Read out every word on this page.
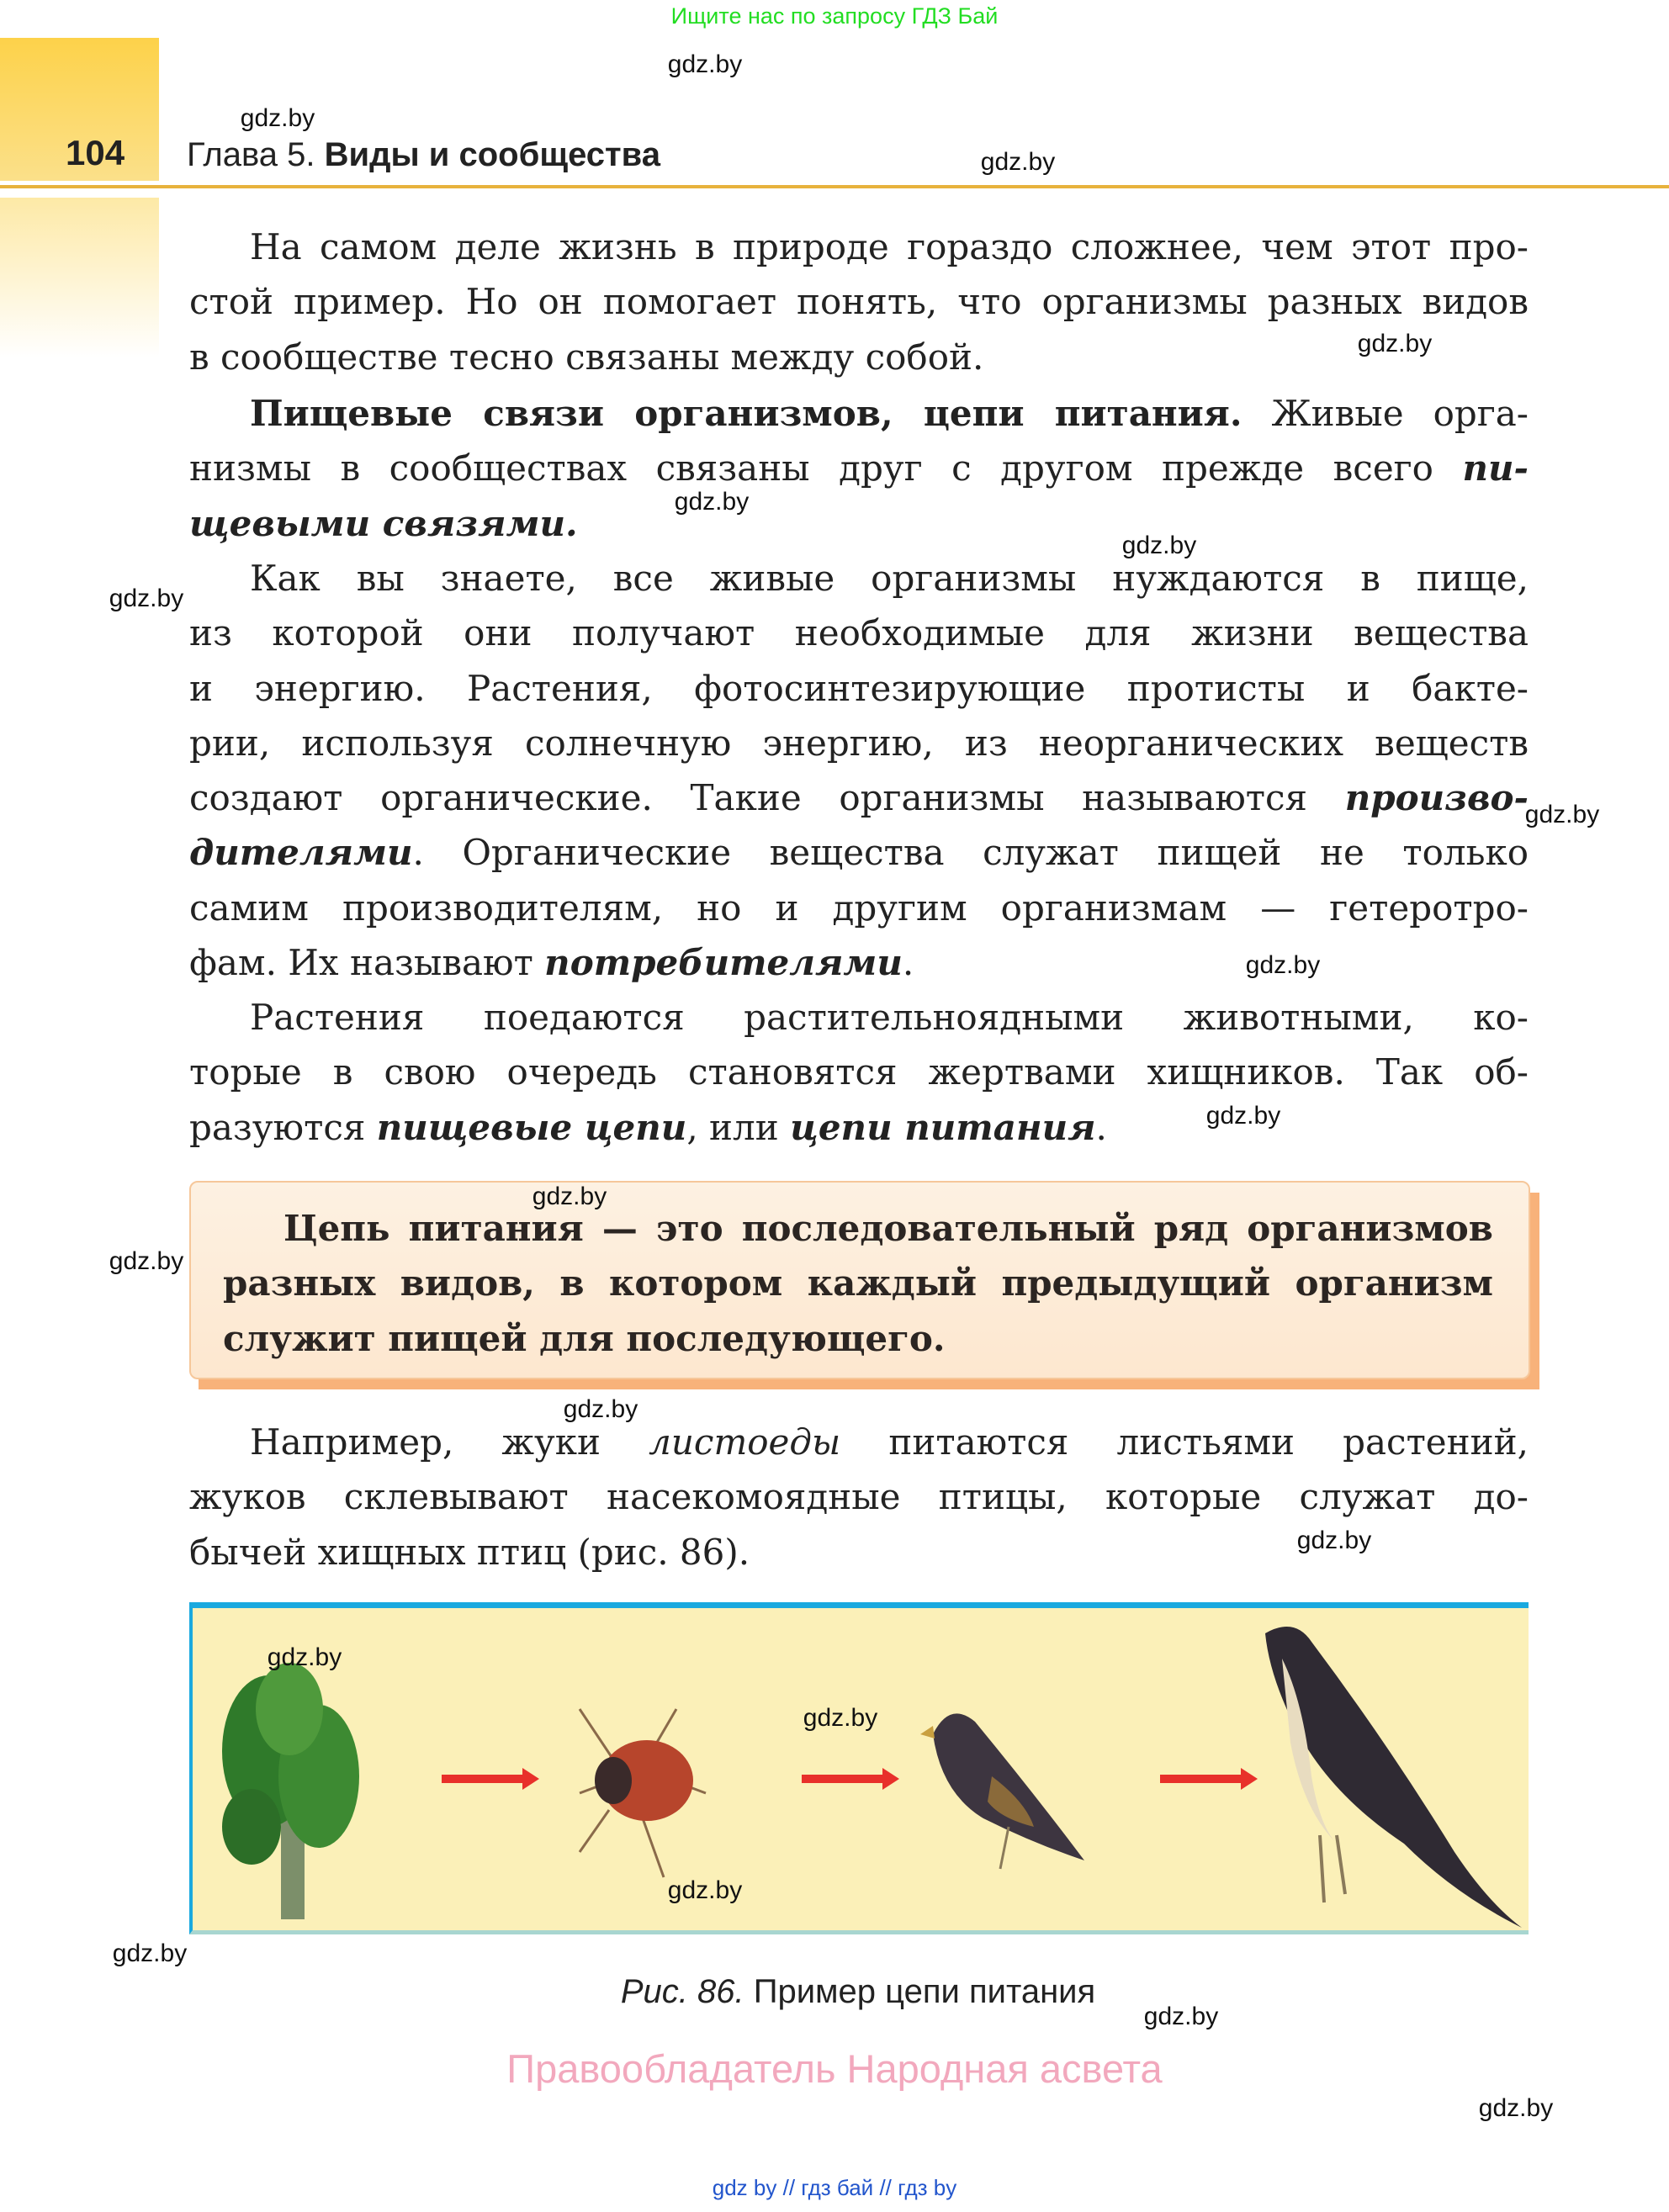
Ищите нас по запросу ГДЗ Бай
104 Глава 5. Виды и сообщества
На самом деле жизнь в природе гораздо сложнее, чем этот про-
стой пример. Но он помогает понять, что организмы разных видов
в сообществе тесно связаны между собой.
Пищевые связи организмов, цепи питания. Живые орга-
низмы в сообществах связаны друг с другом прежде всего пи-
щевыми связями.
Как вы знаете, все живые организмы нуждаются в пище,
из которой они получают необходимые для жизни вещества
и энергию. Растения, фотосинтезирующие протисты и бакте-
рии, используя солнечную энергию, из неорганических веществ
создают органические. Такие организмы называются произво-
дителями. Органические вещества служат пищей не только
самим производителям, но и другим организмам — гетеротро-
фам. Их называют потребителями.
Растения поедаются растительноядными животными, ко-
торые в свою очередь становятся жертвами хищников. Так об-
разуются пищевые цепи, или цепи питания.
Цепь питания — это последовательный ряд организмов
разных видов, в котором каждый предыдущий организм
служит пищей для последующего.
Например, жуки листоеды питаются листьями растений,
жуков склевывают насекомоядные птицы, которые служат до-
бычей хищных птиц (рис. 86).
Рис. 86. Пример цепи питания
Правообладатель Народная асвета
gdz by // гдз бай // гдз by
gdz.by
gdz.by
gdz.by
gdz.by
gdz.by
gdz.by
gdz.by
gdz.by
gdz.by
gdz.by
gdz.by
gdz.by
gdz.by
gdz.by
gdz.by
gdz.by
gdz.by
gdz.by
gdz.by
gdz.by
